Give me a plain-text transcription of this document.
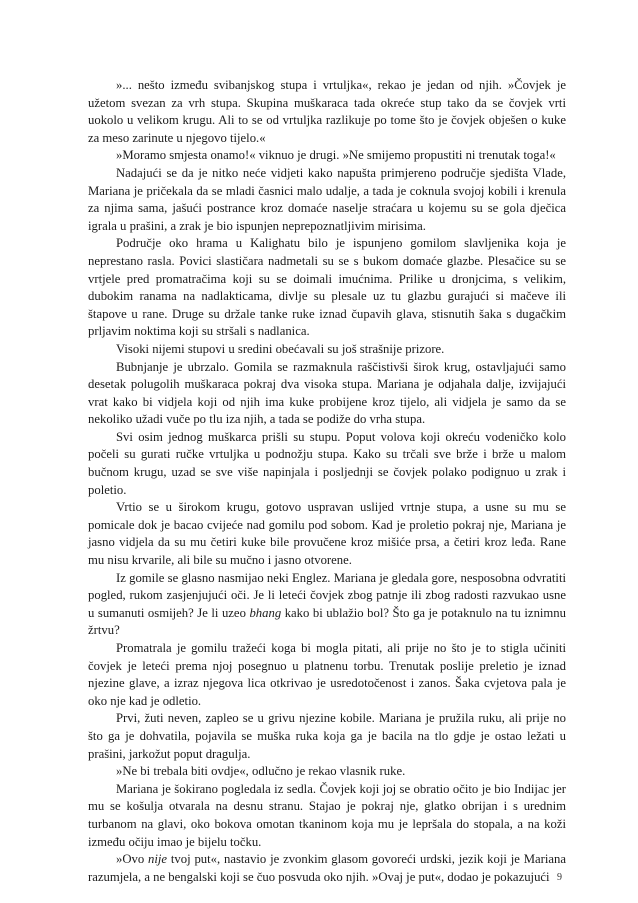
»... nešto između svibanjskog stupa i vrtuljka«, rekao je jedan od njih. »Čovjek je užetom svezan za vrh stupa. Skupina muškaraca tada okreće stup tako da se čovjek vrti uokolo u velikom krugu. Ali to se od vrtuljka razlikuje po tome što je čovjek obješen o kuke za meso zarinute u njegovo tijelo.«

»Moramo smjesta onamo!« viknuo je drugi. »Ne smijemo propustiti ni trenutak toga!«

Nadajući se da je nitko neće vidjeti kako napušta primjereno područje sjedišta Vlade, Mariana je pričekala da se mladi časnici malo udalje, a tada je coknula svojoj kobili i krenula za njima sama, jašući postrance kroz domaće naselje straćara u kojemu su se gola dječica igrala u prašini, a zrak je bio ispunjen neprepoznatljivim mirisima.

Područje oko hrama u Kalighatu bilo je ispunjeno gomilom slavljenika koja je neprestano rasla. Povici slastičara nadmetali su se s bukom domaće glazbe. Plesačice su se vrtjele pred promatračima koji su se doimali imućnima. Prilike u dronjcima, s velikim, dubokim ranama na nadlakticama, divlje su plesale uz tu glazbu gurajući si mačeve ili štapove u rane. Druge su držale tanke ruke iznad čupavih glava, stisnutih šaka s dugačkim prljavim noktima koji su stršali s nadlanica.

Visoki nijemi stupovi u sredini obećavali su još strašnije prizore.

Bubnjanje je ubrzalo. Gomila se razmaknula raščistivši širok krug, ostavljajući samo desetak polugolih muškaraca pokraj dva visoka stupa. Mariana je odjahala dalje, izvijajući vrat kako bi vidjela koji od njih ima kuke probijene kroz tijelo, ali vidjela je samo da se nekoliko užadi vuče po tlu iza njih, a tada se podiže do vrha stupa.

Svi osim jednog muškarca prišli su stupu. Poput volova koji okreću vodeničko kolo počeli su gurati ručke vrtuljka u podnožju stupa. Kako su trčali sve brže i brže u malom bučnom krugu, uzad se sve više napinjala i posljednji se čovjek polako podignuo u zrak i poletio.

Vrtio se u širokom krugu, gotovo uspravan uslijed vrtnje stupa, a usne su mu se pomicale dok je bacao cvijeće nad gomilu pod sobom. Kad je proletio pokraj nje, Mariana je jasno vidjela da su mu četiri kuke bile provučene kroz mišiće prsa, a četiri kroz leđa. Rane mu nisu krvarile, ali bile su mučno i jasno otvorene.

Iz gomile se glasno nasmijao neki Englez. Mariana je gledala gore, nesposobna odvratiti pogled, rukom zasjenjujući oči. Je li leteći čovjek zbog patnje ili zbog radosti razvukao usne u sumanuti osmijeh? Je li uzeo bhang kako bi ublažio bol? Što ga je potaknulo na tu iznimnu žrtvu?

Promatrala je gomilu tražeći koga bi mogla pitati, ali prije no što je to stigla učiniti čovjek je leteći prema njoj posegnuo u platnenu torbu. Trenutak poslije preletio je iznad njezine glave, a izraz njegova lica otkrivao je usredotočenost i zanos. Šaka cvjetova pala je oko nje kad je odletio.

Prvi, žuti neven, zapleo se u grivu njezine kobile. Mariana je pružila ruku, ali prije no što ga je dohvatila, pojavila se muška ruka koja ga je bacila na tlo gdje je ostao ležati u prašini, jarkožut poput dragulja.

»Ne bi trebala biti ovdje«, odlučno je rekao vlasnik ruke.

Mariana je šokirano pogledala iz sedla. Čovjek koji joj se obratio očito je bio Indijac jer mu se košulja otvarala na desnu stranu. Stajao je pokraj nje, glatko obrijan i s urednim turbanom na glavi, oko bokova omotan tkaninom koja mu je lepršala do stopala, a na koži između očiju imao je bijelu točku.

»Ovo nije tvoj put«, nastavio je zvonkim glasom govoreći urdski, jezik koji je Mariana razumjela, a ne bengalski koji se čuo posvuda oko njih. »Ovaj je put«, dodao je pokazujući 9
